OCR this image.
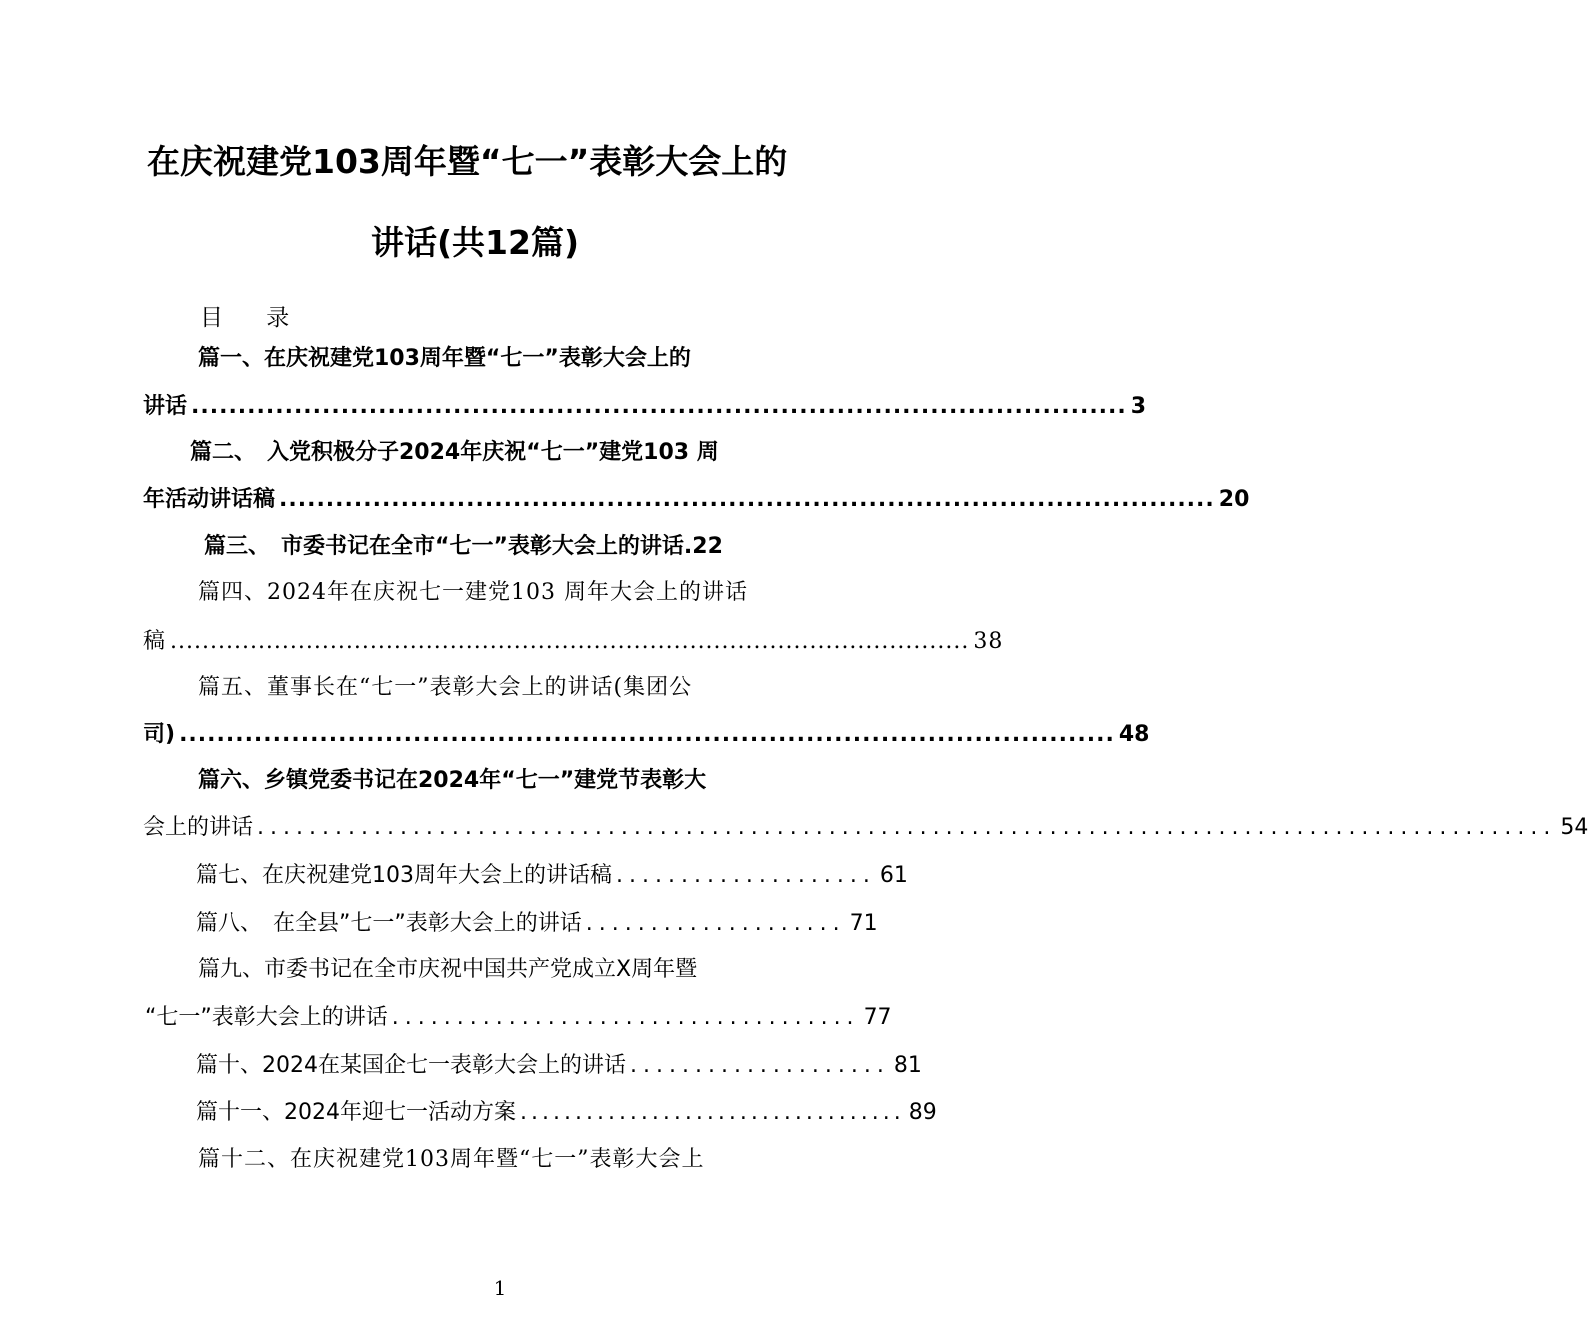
在庆祝建党103周年暨“七一”表彰大会上的
讲话(共12篇)
目 录
篇一、在庆祝建党103周年暨“七一”表彰大会上的
讲话 .................................................................................................... 3
篇二、　入党积极分子2024年庆祝“七一”建党103 周
年活动讲话稿 .................................................................................................... 20
篇三、　市委书记在全市“七一”表彰大会上的讲话.22
篇四、2024年在庆祝七一建党103 周年大会上的讲话
稿 .................................................................................................... 38
篇五、董事长在“七一”表彰大会上的讲话(集团公
司) .................................................................................................... 48
篇六、乡镇党委书记在2024年“七一”建党节表彰大
会上的讲话 .................................................................................................... 54
篇七、在庆祝建党103周年大会上的讲话稿 .................... 61
篇八、　在全县”七一”表彰大会上的讲话 .................... 71
篇九、市委书记在全市庆祝中国共产党成立X周年暨
“七一”表彰大会上的讲话 .................................... 77
篇十、2024在某国企七一表彰大会上的讲话 .................... 81
篇十一、2024年迎七一活动方案 ................................... 89
篇十二、在庆祝建党103周年暨“七一”表彰大会上
1
